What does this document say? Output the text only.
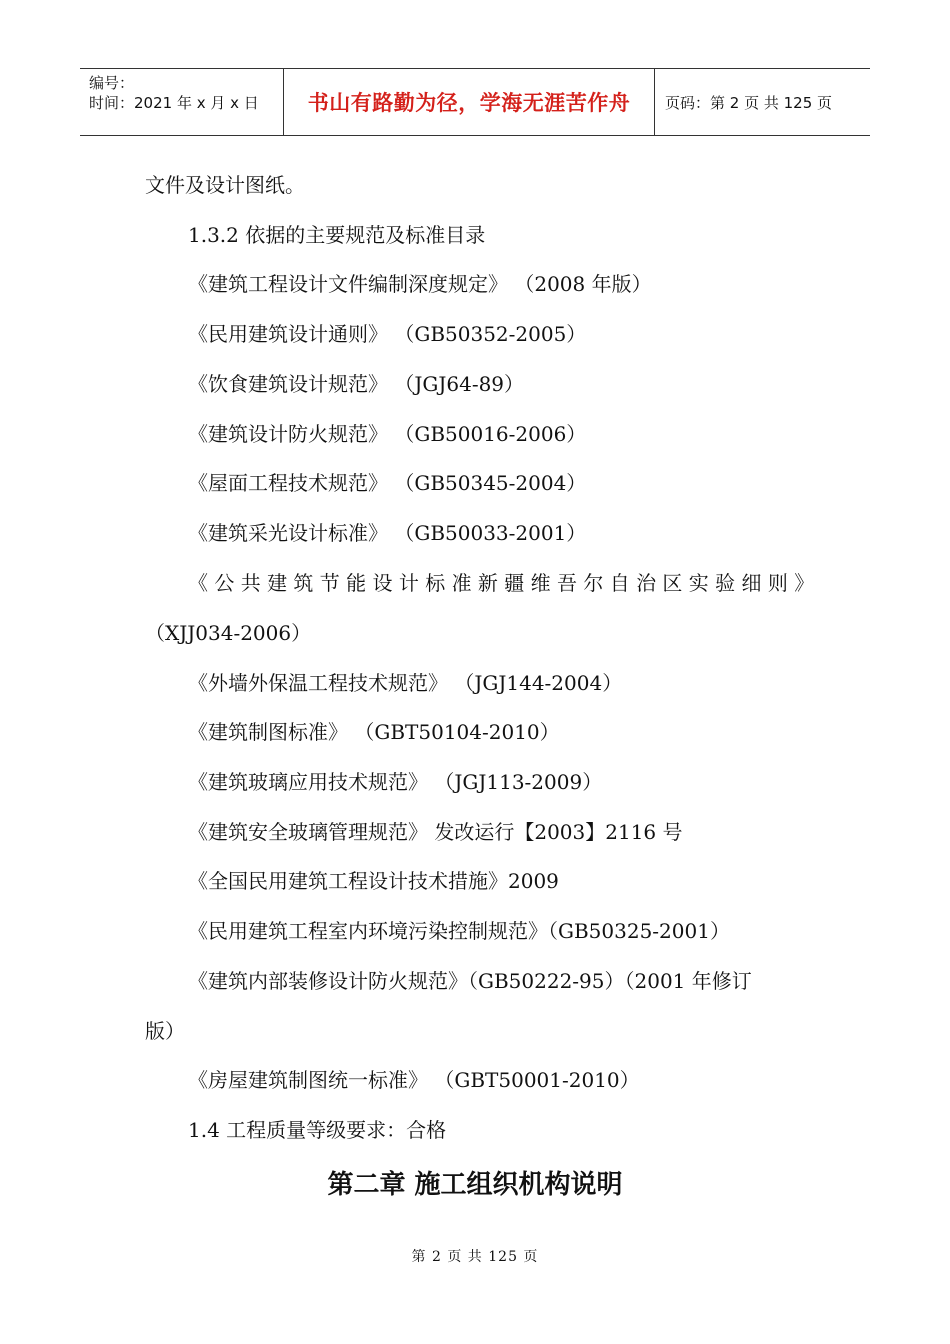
编号：
时间：2021 年 x 月 x 日	书山有路勤为径，学海无涯苦作舟	页码：第 2 页 共 125 页
文件及设计图纸。
1.3.2 依据的主要规范及标准目录
《建筑工程设计文件编制深度规定》 （2008 年版）
《民用建筑设计通则》 （GB50352-2005）
《饮食建筑设计规范》 （JGJ64-89）
《建筑设计防火规范》 （GB50016-2006）
《屋面工程技术规范》 （GB50345-2004）
《建筑采光设计标准》 （GB50033-2001）
《 公 共 建 筑 节 能 设 计 标 准 新 疆 维 吾 尔 自 治 区 实 验 细 则 》
（XJJ034-2006）
《外墙外保温工程技术规范》 （JGJ144-2004）
《建筑制图标准》 （GBT50104-2010）
《建筑玻璃应用技术规范》 （JGJ113-2009）
《建筑安全玻璃管理规范》 发改运行【2003】2116 号
《全国民用建筑工程设计技术措施》2009
《民用建筑工程室内环境污染控制规范》（GB50325-2001）
《建筑内部装修设计防火规范》（GB50222-95）（2001 年修订
版）
《房屋建筑制图统一标准》 （GBT50001-2010）
1.4 工程质量等级要求：合格
第二章 施工组织机构说明
第 2 页 共 125 页
